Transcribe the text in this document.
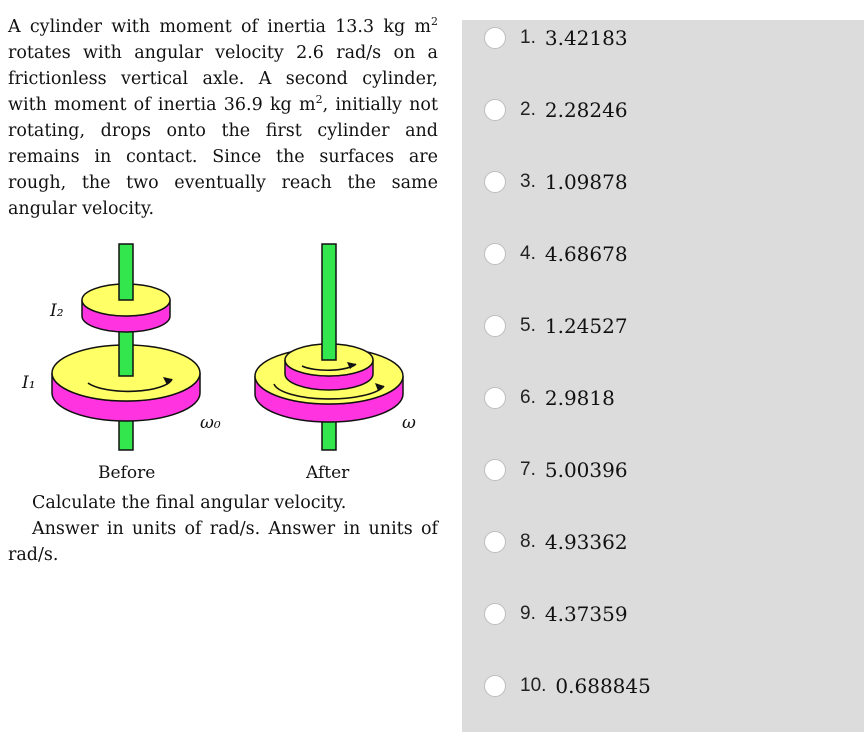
A cylinder with moment of inertia 13.3 kg $m^2$ rotates with angular velocity 2.6 rad/s on a frictionless vertical axle. A second cylinder, with moment of inertia 36.9 kg $m^2$, initially not rotating, drops onto the first cylinder and remains in contact. Since the surfaces are rough, the two eventually reach the same angular velocity.

I₂
I₁
ω₀	ω
Before	After

Calculate the final angular velocity.

Answer in units of rad/s. Answer in units of rad/s.

1. 3.42183
2. 2.28246
3. 1.09878
4. 4.68678
5. 1.24527
6. 2.9818
7. 5.00396
8. 4.93362
9. 4.37359
10. 0.688845
